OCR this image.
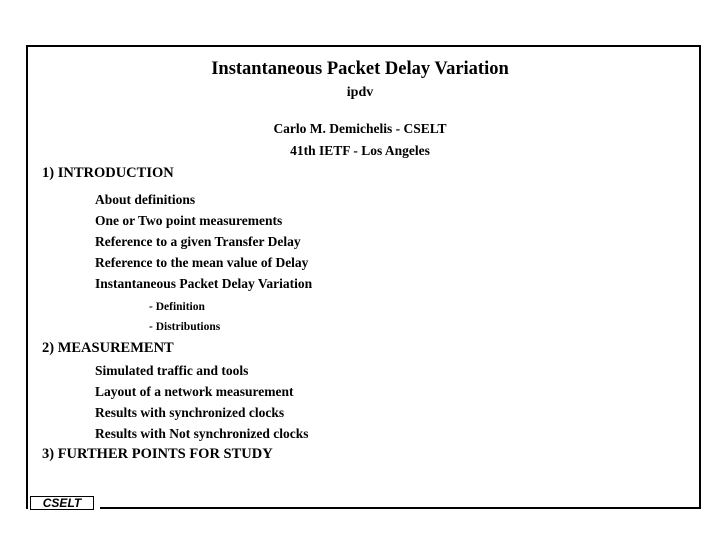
CSELT
Instantaneous Packet Delay Variation
ipdv
Carlo M. Demichelis - CSELT
41th IETF - Los Angeles
1) INTRODUCTION
About definitions
One or Two point measurements
Reference to a given Transfer Delay
Reference to the mean value of Delay
Instantaneous Packet Delay Variation
- Definition
- Distributions
2) MEASUREMENT
Simulated traffic and tools
Layout of a network measurement
Results with synchronized clocks
Results with Not synchronized clocks
3) FURTHER POINTS FOR STUDY
